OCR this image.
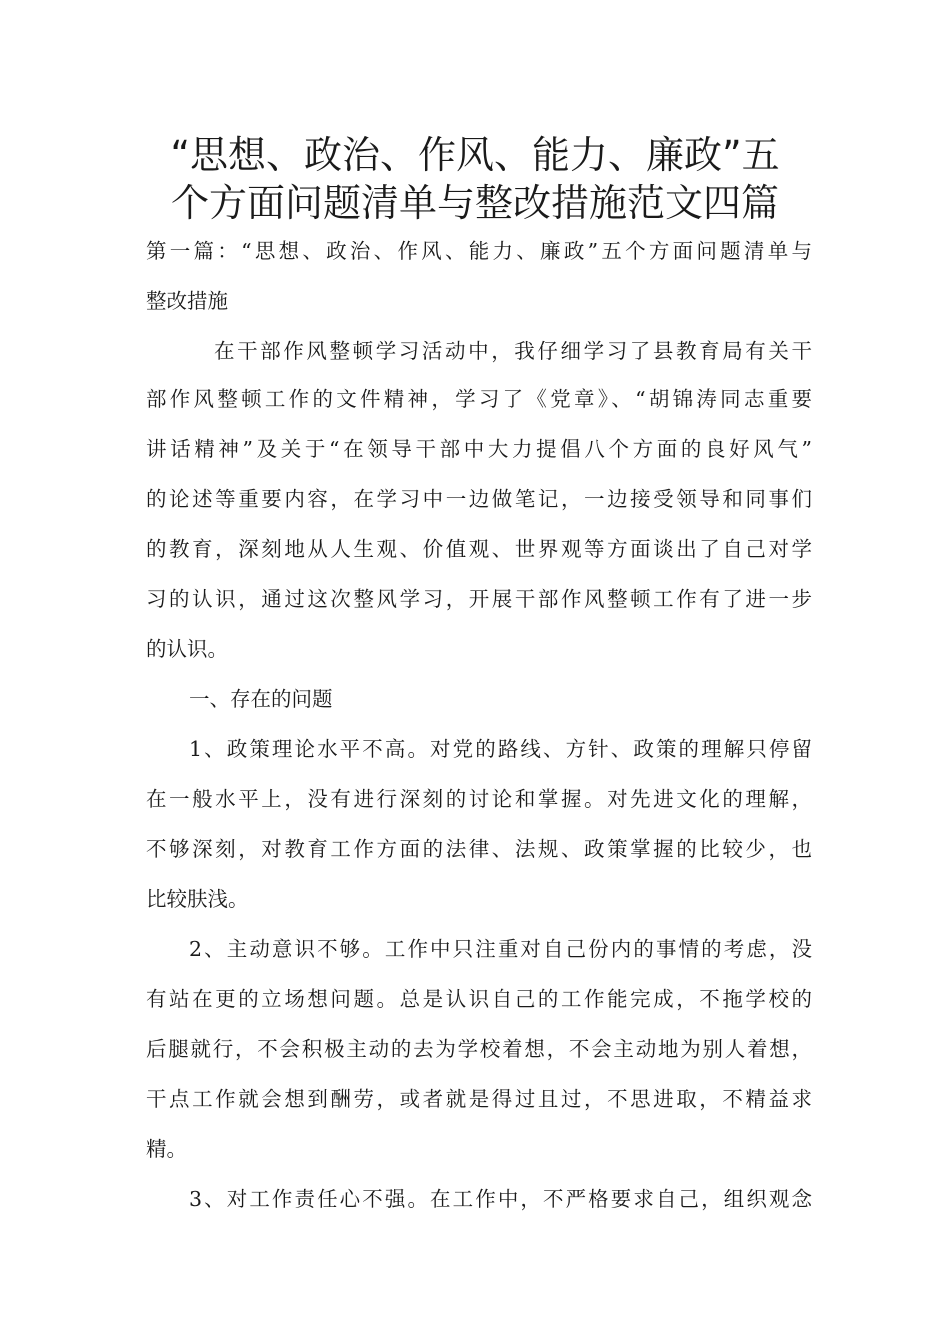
“思想、政治、作风、能力、廉政”五
个方面问题清单与整改措施范文四篇

第一篇：“思想、政治、作风、能力、廉政”五个方面问题清单与

整改措施

在干部作风整顿学习活动中，我仔细学习了县教育局有关干

部作风整顿工作的文件精神，学习了《党章》、“胡锦涛同志重要

讲话精神”及关于“在领导干部中大力提倡八个方面的良好风气”

的论述等重要内容，在学习中一边做笔记，一边接受领导和同事们

的教育，深刻地从人生观、价值观、世界观等方面谈出了自己对学

习的认识，通过这次整风学习，开展干部作风整顿工作有了进一步

的认识。

一、存在的问题

1、政策理论水平不高。对党的路线、方针、政策的理解只停留

在一般水平上，没有进行深刻的讨论和掌握。对先进文化的理解，

不够深刻，对教育工作方面的法律、法规、政策掌握的比较少，也

比较肤浅。

2、主动意识不够。工作中只注重对自己份内的事情的考虑，没

有站在更的立场想问题。总是认识自己的工作能完成，不拖学校的

后腿就行，不会积极主动的去为学校着想，不会主动地为别人着想，

干点工作就会想到酬劳，或者就是得过且过，不思进取，不精益求

精。

3、对工作责任心不强。在工作中，不严格要求自己，组织观念
